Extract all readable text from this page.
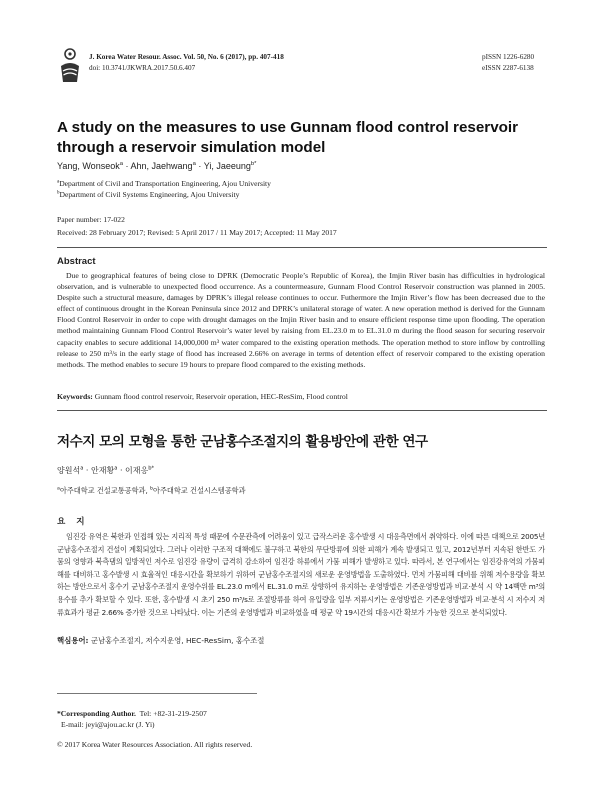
J. Korea Water Resour. Assoc. Vol. 50, No. 6 (2017), pp. 407-418
doi: 10.3741/JKWRA.2017.50.6.407
pISSN 1226-6280
eISSN 2287-6138
A study on the measures to use Gunnam flood control reservoir through a reservoir simulation model
Yang, Wonseok$^a$ · Ahn, Jaehwang$^a$ · Yi, Jaeeung$^{b*}$
$^a$Department of Civil and Transportation Engineering, Ajou University
$^b$Department of Civil Systems Engineering, Ajou University
Paper number: 17-022
Received: 28 February 2017; Revised: 5 April 2017 / 11 May 2017; Accepted: 11 May 2017
Abstract
Due to geographical features of being close to DPRK (Democratic People’s Republic of Korea), the Imjin River basin has difficulties in hydrological observation, and is vulnerable to unexpected flood occurrence. As a countermeasure, Gunnam Flood Control Reservoir construction was planned in 2005. Despite such a structural measure, damages by DPRK’s illegal release continues to occur. Futhermore the Imjin River’s flow has been decreased due to the effect of continuous drought in the Korean Peninsula since 2012 and DPRK’s unilateral storage of water. A new operation method is derived for the Gunnam Flood Control Reservoir in order to cope with drought damages on the Imjin River basin and to ensure efficient response time upon flooding. The operation method maintaining Gunnam Flood Control Reservoir’s water level by raising from EL.23.0 m to EL.31.0 m during the flood season for securing reservoir capacity enables to secure additional 14,000,000 m³ water compared to the existing operation methods. The operation method to store inflow by controlling release to 250 m³/s in the early stage of flood has increased 2.66% on average in terms of detention effect of reservoir compared to the existing operation methods. The method enables to secure 19 hours to prepare flood compared to the existing methods.
Keywords: Gunnam flood control reservoir, Reservoir operation, HEC-ResSim, Flood control
저수지 모의 모형을 통한 군남홍수조절지의 활용방안에 관한 연구
양원석$^a$ · 안재황$^a$ · 이재응$^{b*}$
$^a$아주대학교 건설교통공학과, $^b$아주대학교 건설시스템공학과
요 지
임진강 유역은 북한과 인접해 있는 지리적 특성 때문에 수문관측에 어려움이 있고 급작스러운 홍수발생 시 대응측면에서 취약하다. 이에 따른 대책으로 2005년 군남홍수조절지 건설이 계획되었다. 그러나 이러한 구조적 대책에도 불구하고 북한의 무단방류에 의한 피해가 계속 발생되고 있고, 2012년부터 지속된 한반도 가뭄의 영향과 북측댐의 일방적인 저수로 임진강 유량이 급격히 감소하여 임진강 하류에서 가뭄 피해가 발생하고 있다. 따라서, 본 연구에서는 임진강유역의 가뭄피해를 대비하고 홍수발생 시 효율적인 대응시간을 확보하기 위하여 군남홍수조절지의 새로운 운영방법을 도출하였다. 먼저 가뭄피해 대비를 위해 저수용량을 확보하는 방안으로서 홍수기 군남홍수조절지 운영수위를 EL.23.0 m에서 EL.31.0 m로 상향하여 유지하는 운영방법은 기존운영방법과 비교·분석 시 약 14백만 m³의 용수를 추가 확보할 수 있다. 또한, 홍수발생 시 초기 250 m³/s로 조절방류를 하여 유입량을 일부 저류시키는 운영방법은 기존운영방법과 비교·분석 시 저수지 저류효과가 평균 2.66% 증가한 것으로 나타났다. 이는 기존의 운영방법과 비교하였을 때 평균 약 19시간의 대응시간 확보가 가능한 것으로 분석되었다.
핵심용어: 군남홍수조절지, 저수지운영, HEC-ResSim, 홍수조절
*Corresponding Author. Tel: +82-31-219-2507
E-mail: jeyi@ajou.ac.kr (J. Yi)
© 2017 Korea Water Resources Association. All rights reserved.
